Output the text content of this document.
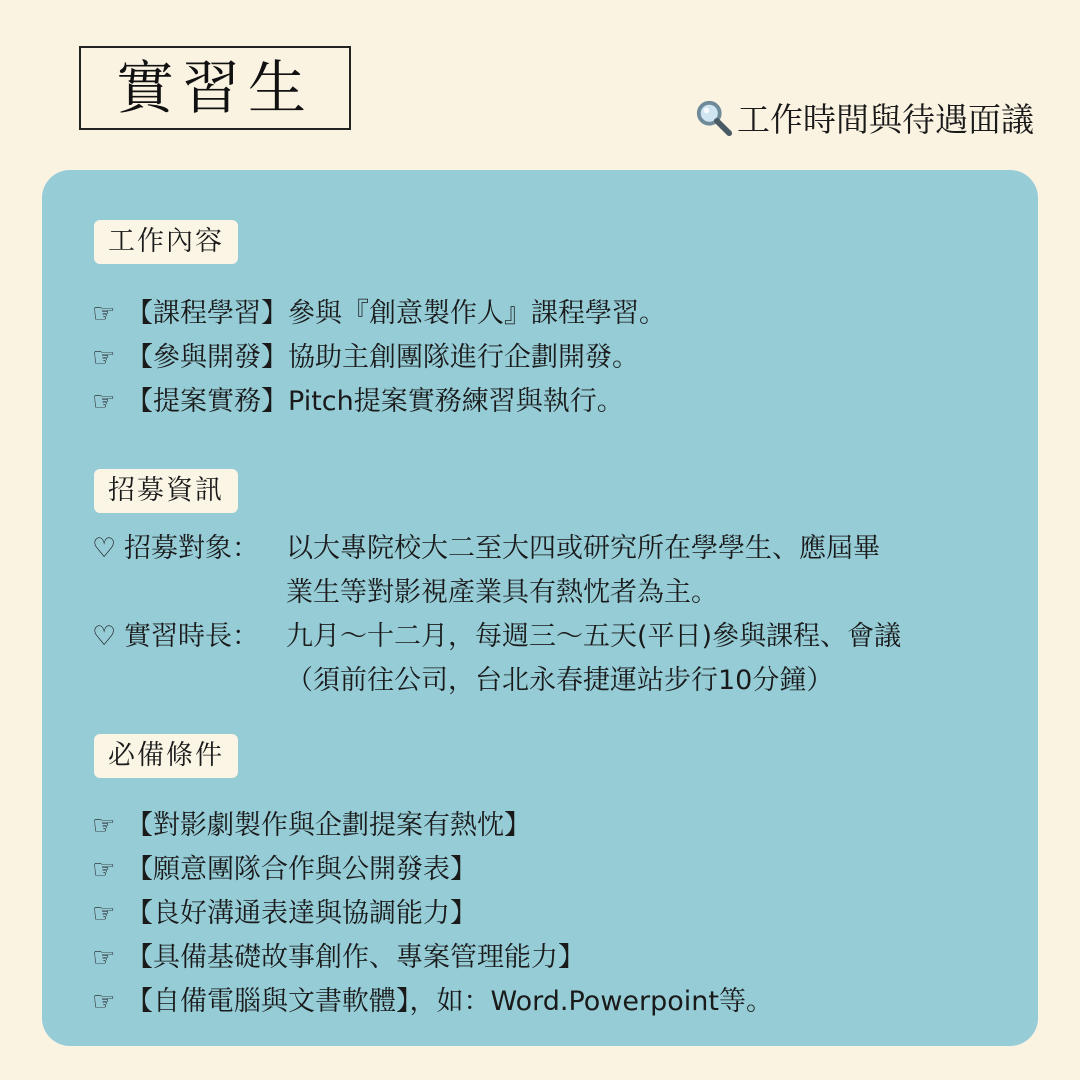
實習生	工作時間與待遇面議
工作內容
☞ 【課程學習】參與『創意製作人』課程學習。
☞ 【參與開發】協助主創團隊進行企劃開發。
☞ 【提案實務】Pitch提案實務練習與執行。
招募資訊
♡ 招募對象：	以大專院校大二至大四或研究所在學學生、應屆畢
業生等對影視產業具有熱忱者為主。
♡ 實習時長：	九月～十二月，每週三～五天(平日)參與課程、會議
（須前往公司，台北永春捷運站步行10分鐘）
必備條件
☞ 【對影劇製作與企劃提案有熱忱】
☞ 【願意團隊合作與公開發表】
☞ 【良好溝通表達與協調能力】
☞ 【具備基礎故事創作、專案管理能力】
☞ 【自備電腦與文書軟體】，如：Word.Powerpoint等。
